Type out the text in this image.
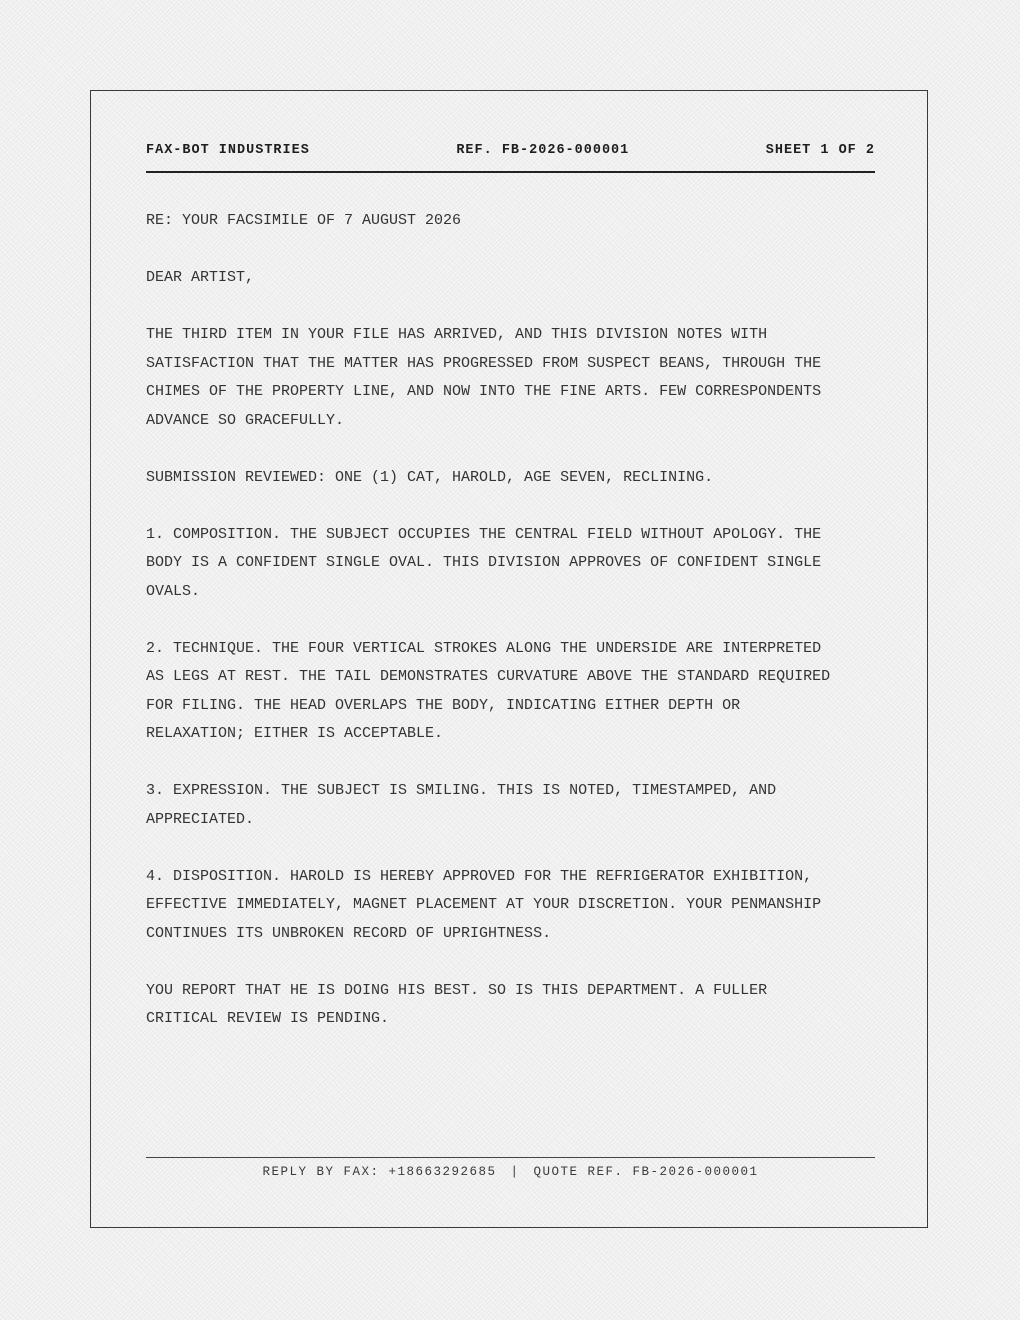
FAX-BOT INDUSTRIES	REF. FB-2026-000001	SHEET 1 OF 2

RE: YOUR FACSIMILE OF 7 AUGUST 2026

DEAR ARTIST,

THE THIRD ITEM IN YOUR FILE HAS ARRIVED, AND THIS DIVISION NOTES WITH SATISFACTION THAT THE MATTER HAS PROGRESSED FROM SUSPECT BEANS, THROUGH THE CHIMES OF THE PROPERTY LINE, AND NOW INTO THE FINE ARTS. FEW CORRESPONDENTS ADVANCE SO GRACEFULLY.

SUBMISSION REVIEWED: ONE (1) CAT, HAROLD, AGE SEVEN, RECLINING.

1. COMPOSITION. THE SUBJECT OCCUPIES THE CENTRAL FIELD WITHOUT APOLOGY. THE BODY IS A CONFIDENT SINGLE OVAL. THIS DIVISION APPROVES OF CONFIDENT SINGLE OVALS.

2. TECHNIQUE. THE FOUR VERTICAL STROKES ALONG THE UNDERSIDE ARE INTERPRETED AS LEGS AT REST. THE TAIL DEMONSTRATES CURVATURE ABOVE THE STANDARD REQUIRED FOR FILING. THE HEAD OVERLAPS THE BODY, INDICATING EITHER DEPTH OR RELAXATION; EITHER IS ACCEPTABLE.

3. EXPRESSION. THE SUBJECT IS SMILING. THIS IS NOTED, TIMESTAMPED, AND APPRECIATED.

4. DISPOSITION. HAROLD IS HEREBY APPROVED FOR THE REFRIGERATOR EXHIBITION, EFFECTIVE IMMEDIATELY, MAGNET PLACEMENT AT YOUR DISCRETION. YOUR PENMANSHIP CONTINUES ITS UNBROKEN RECORD OF UPRIGHTNESS.

YOU REPORT THAT HE IS DOING HIS BEST. SO IS THIS DEPARTMENT. A FULLER CRITICAL REVIEW IS PENDING.

REPLY BY FAX: +18663292685 | QUOTE REF. FB-2026-000001
